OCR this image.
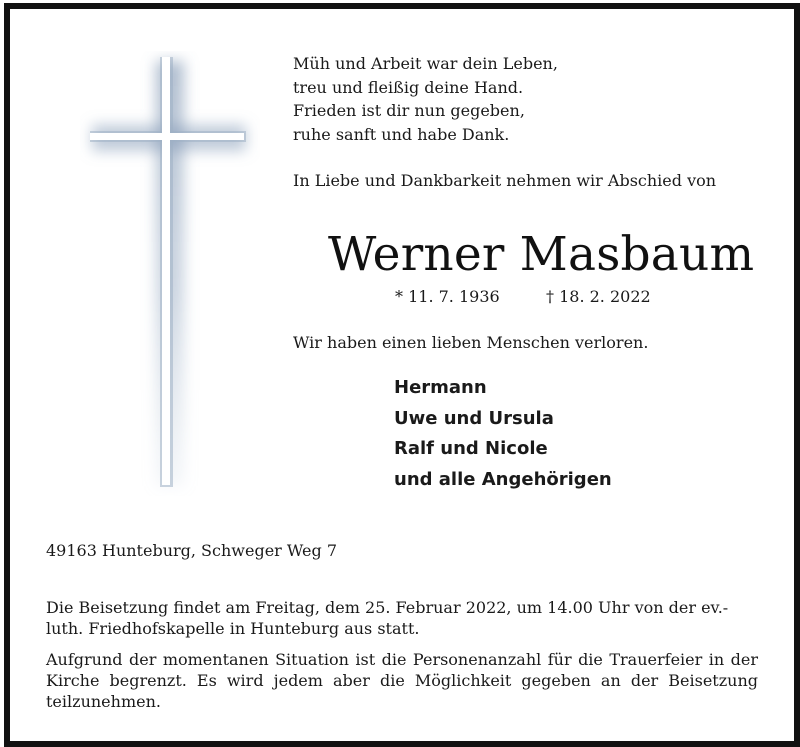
Müh und Arbeit war dein Leben,
treu und fleißig deine Hand.
Frieden ist dir nun gegeben,
ruhe sanft und habe Dank.
In Liebe und Dankbarkeit nehmen wir Abschied von
Werner Masbaum
* 11. 7. 1936	† 18. 2. 2022
Wir haben einen lieben Menschen verloren.
Hermann
Uwe und Ursula
Ralf und Nicole
und alle Angehörigen
49163 Hunteburg, Schweger Weg 7
Die Beisetzung findet am Freitag, dem 25. Februar 2022, um 14.00 Uhr von der ev.-luth. Friedhofskapelle in Hunteburg aus statt.
Aufgrund der momentanen Situation ist die Personenanzahl für die Trauerfeier in der Kirche begrenzt. Es wird jedem aber die Möglichkeit gegeben an der Beisetzung teilzunehmen.
